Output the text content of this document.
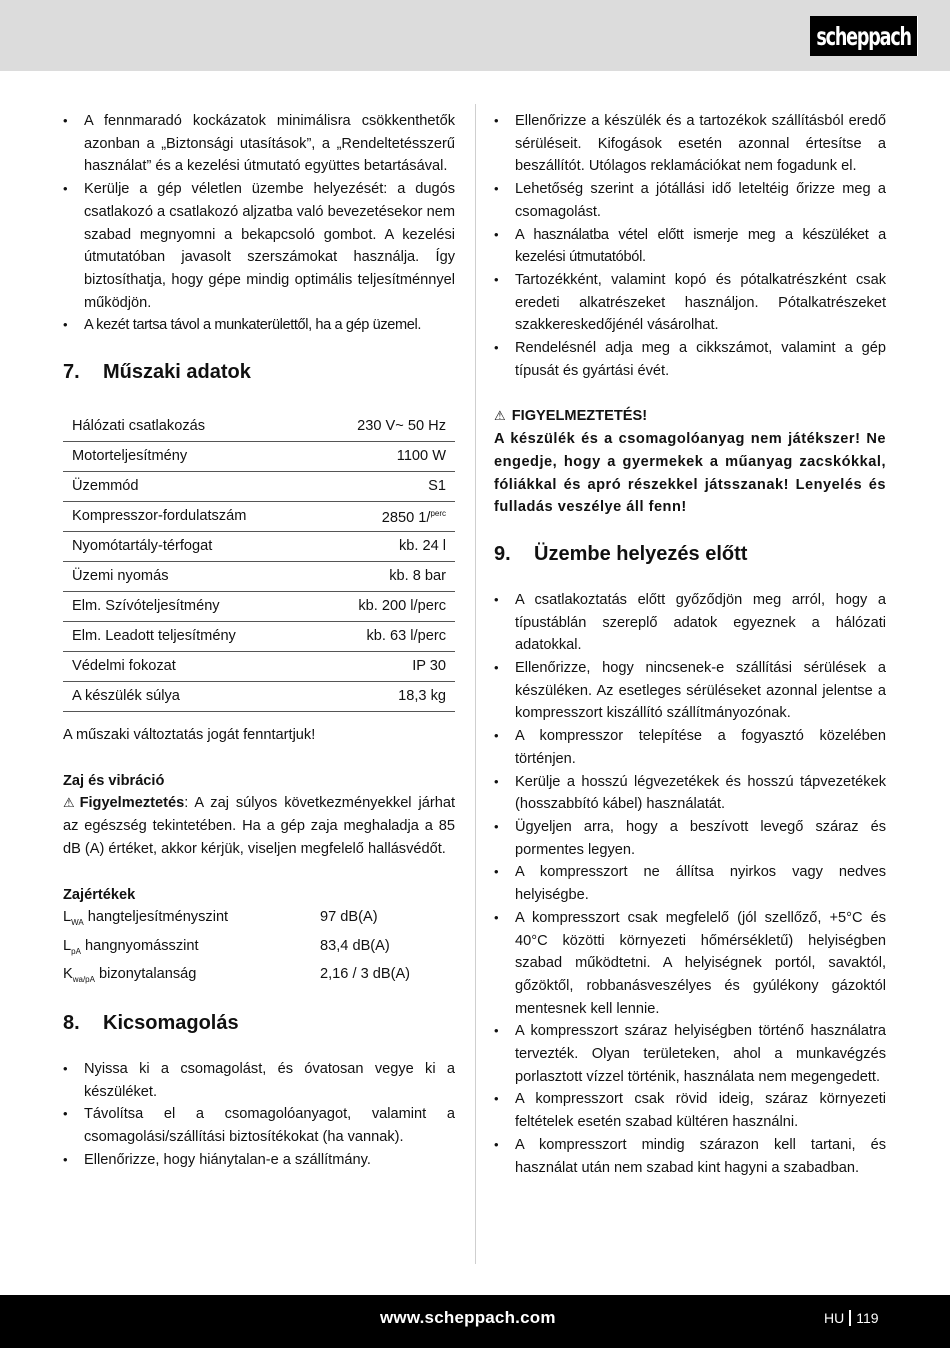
scheppach
• A fennmaradó kockázatok minimálisra csökkenthetők azonban a „Biztonsági utasítások”, a „Rendeltetésszerű használat” és a kezelési útmutató együttes betartásával.
• Kerülje a gép véletlen üzembe helyezését: a dugós csatlakozó a csatlakozó aljzatba való bevezetésekor nem szabad megnyomni a bekapcsoló gombot. A kezelési útmutatóban javasolt szerszámokat használja. Így biztosíthatja, hogy gépe mindig optimális teljesítménnyel működjön.
• A kezét tartsa távol a munkaterülettől, ha a gép üzemel.
7.	Műszaki adatok
Hálózati csatlakozás	230 V~ 50 Hz
Motorteljesítmény	1100 W
Üzemmód	S1
Kompresszor-fordulatszám	2850 1/$^{perc}$
Nyomótartály-térfogat	kb. 24 l
Üzemi nyomás	kb. 8 bar
Elm. Szívóteljesítmény	kb. 200 l/perc
Elm. Leadott teljesítmény	kb. 63 l/perc
Védelmi fokozat	IP 30
A készülék súlya	18,3 kg
A műszaki változtatás jogát fenntartjuk!
Zaj és vibráció
⚠ Figyelmeztetés: A zaj súlyos következményekkel járhat az egészség tekintetében. Ha a gép zaja meghaladja a 85 dB (A) értéket, akkor kérjük, viseljen megfelelő hallásvédőt.
Zajértékek
$L_{WA}$ hangteljesítményszint	97 dB(A)
$L_{pA}$ hangnyomásszint	83,4 dB(A)
$K_{wa/pA}$ bizonytalanság	2,16 / 3 dB(A)
8.	Kicsomagolás
• Nyissa ki a csomagolást, és óvatosan vegye ki a készüléket.
• Távolítsa el a csomagolóanyagot, valamint a csomagolási/szállítási biztosítékokat (ha vannak).
• Ellenőrizze, hogy hiánytalan-e a szállítmány.
• Ellenőrizze a készülék és a tartozékok szállításból eredő sérüléseit. Kifogások esetén azonnal értesítse a beszállítót. Utólagos reklamációkat nem fogadunk el.
• Lehetőség szerint a jótállási idő leteltéig őrizze meg a csomagolást.
• A használatba vétel előtt ismerje meg a készüléket a kezelési útmutatóból.
• Tartozékként, valamint kopó és pótalkatrészként csak eredeti alkatrészeket használjon. Pótalkatrészeket szakkereskedőjénél vásárolhat.
• Rendelésnél adja meg a cikkszámot, valamint a gép típusát és gyártási évét.
⚠ FIGYELMEZTETÉS!
A készülék és a csomagolóanyag nem játékszer! Ne engedje, hogy a gyermekek a műanyag zacskókkal, fóliákkal és apró részekkel játsszanak! Lenyelés és fulladás veszélye áll fenn!
9.	Üzembe helyezés előtt
• A csatlakoztatás előtt győződjön meg arról, hogy a típustáblán szereplő adatok egyeznek a hálózati adatokkal.
• Ellenőrizze, hogy nincsenek-e szállítási sérülések a készüléken. Az esetleges sérüléseket azonnal jelentse a kompresszort kiszállító szállítmányozónak.
• A kompresszor telepítése a fogyasztó közelében történjen.
• Kerülje a hosszú légvezetékek és hosszú tápvezetékek (hosszabbító kábel) használatát.
• Ügyeljen arra, hogy a beszívott levegő száraz és pormentes legyen.
• A kompresszort ne állítsa nyirkos vagy nedves helyiségbe.
• A kompresszort csak megfelelő (jól szellőző, +5°C és 40°C közötti környezeti hőmérsékletű) helyiségben szabad működtetni. A helyiségnek portól, savaktól, gőzöktől, robbanásveszélyes és gyúlékony gázoktól mentesnek kell lennie.
• A kompresszort száraz helyiségben történő használatra tervezték. Olyan területeken, ahol a munkavégzés porlasztott vízzel történik, használata nem megengedett.
• A kompresszort csak rövid ideig, száraz környezeti feltételek esetén szabad kültéren használni.
• A kompresszort mindig szárazon kell tartani, és használat után nem szabad kint hagyni a szabadban.
www.scheppach.com	HU 119
